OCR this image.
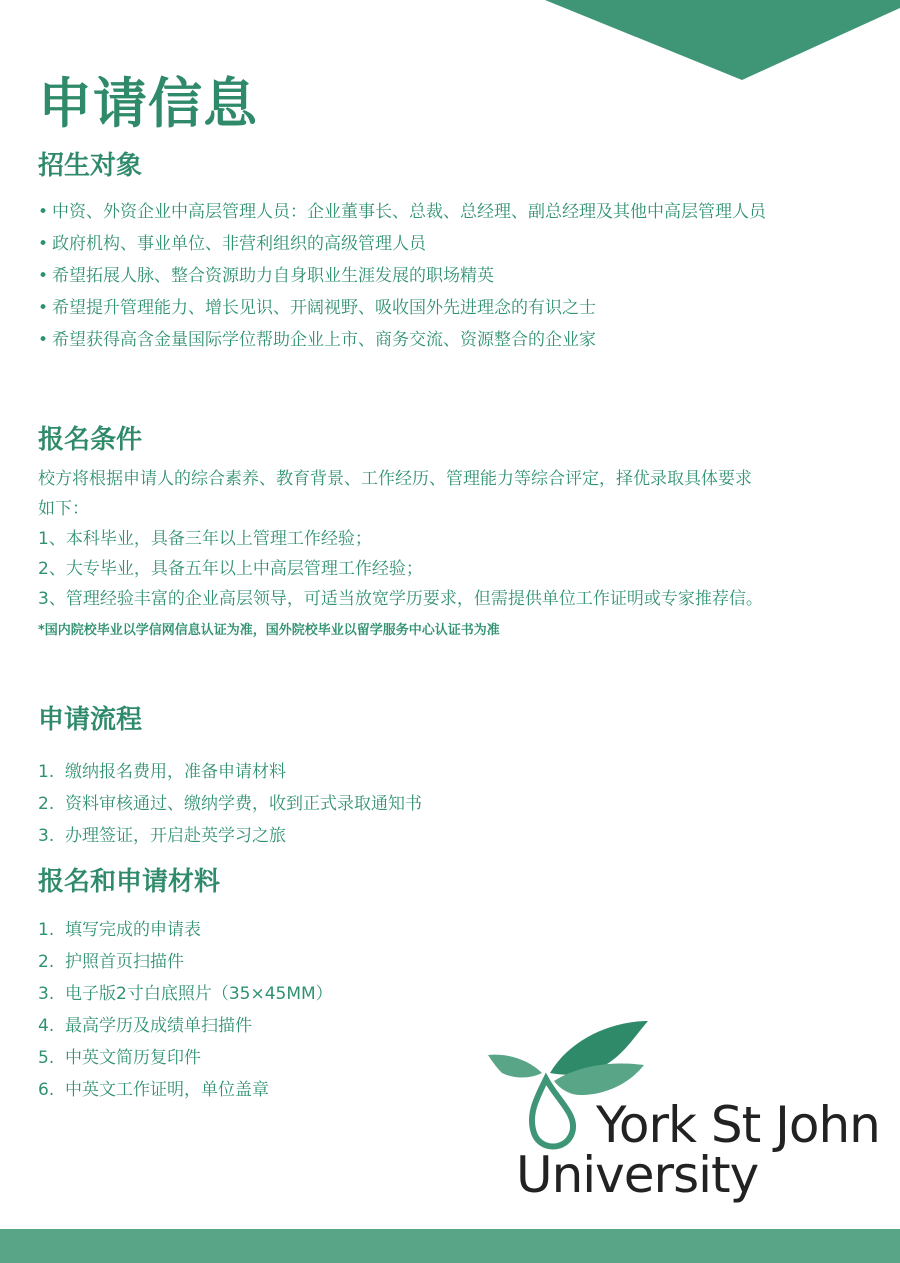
申请信息
招生对象
• 中资、外资企业中高层管理人员：企业董事长、总裁、总经理、副总经理及其他中高层管理人员
• 政府机构、事业单位、非营利组织的高级管理人员
• 希望拓展人脉、整合资源助力自身职业生涯发展的职场精英
• 希望提升管理能力、增长见识、开阔视野、吸收国外先进理念的有识之士
• 希望获得高含金量国际学位帮助企业上市、商务交流、资源整合的企业家
报名条件

校方将根据申请人的综合素养、教育背景、工作经历、管理能力等综合评定，择优录取具体要求如下：

1、本科毕业，具备三年以上管理工作经验；

2、大专毕业，具备五年以上中高层管理工作经验；

3、管理经验丰富的企业高层领导，可适当放宽学历要求，但需提供单位工作证明或专家推荐信。

*国内院校毕业以学信网信息认证为准，国外院校毕业以留学服务中心认证书为准

申请流程
1. 缴纳报名费用，准备申请材料
2. 资料审核通过、缴纳学费，收到正式录取通知书
3. 办理签证，开启赴英学习之旅
报名和申请材料
1. 填写完成的申请表
2. 护照首页扫描件
3. 电子版2寸白底照片（35×45MM）
4. 最高学历及成绩单扫描件
5. 中英文简历复印件
6. 中英文工作证明，单位盖章
York St John
University
